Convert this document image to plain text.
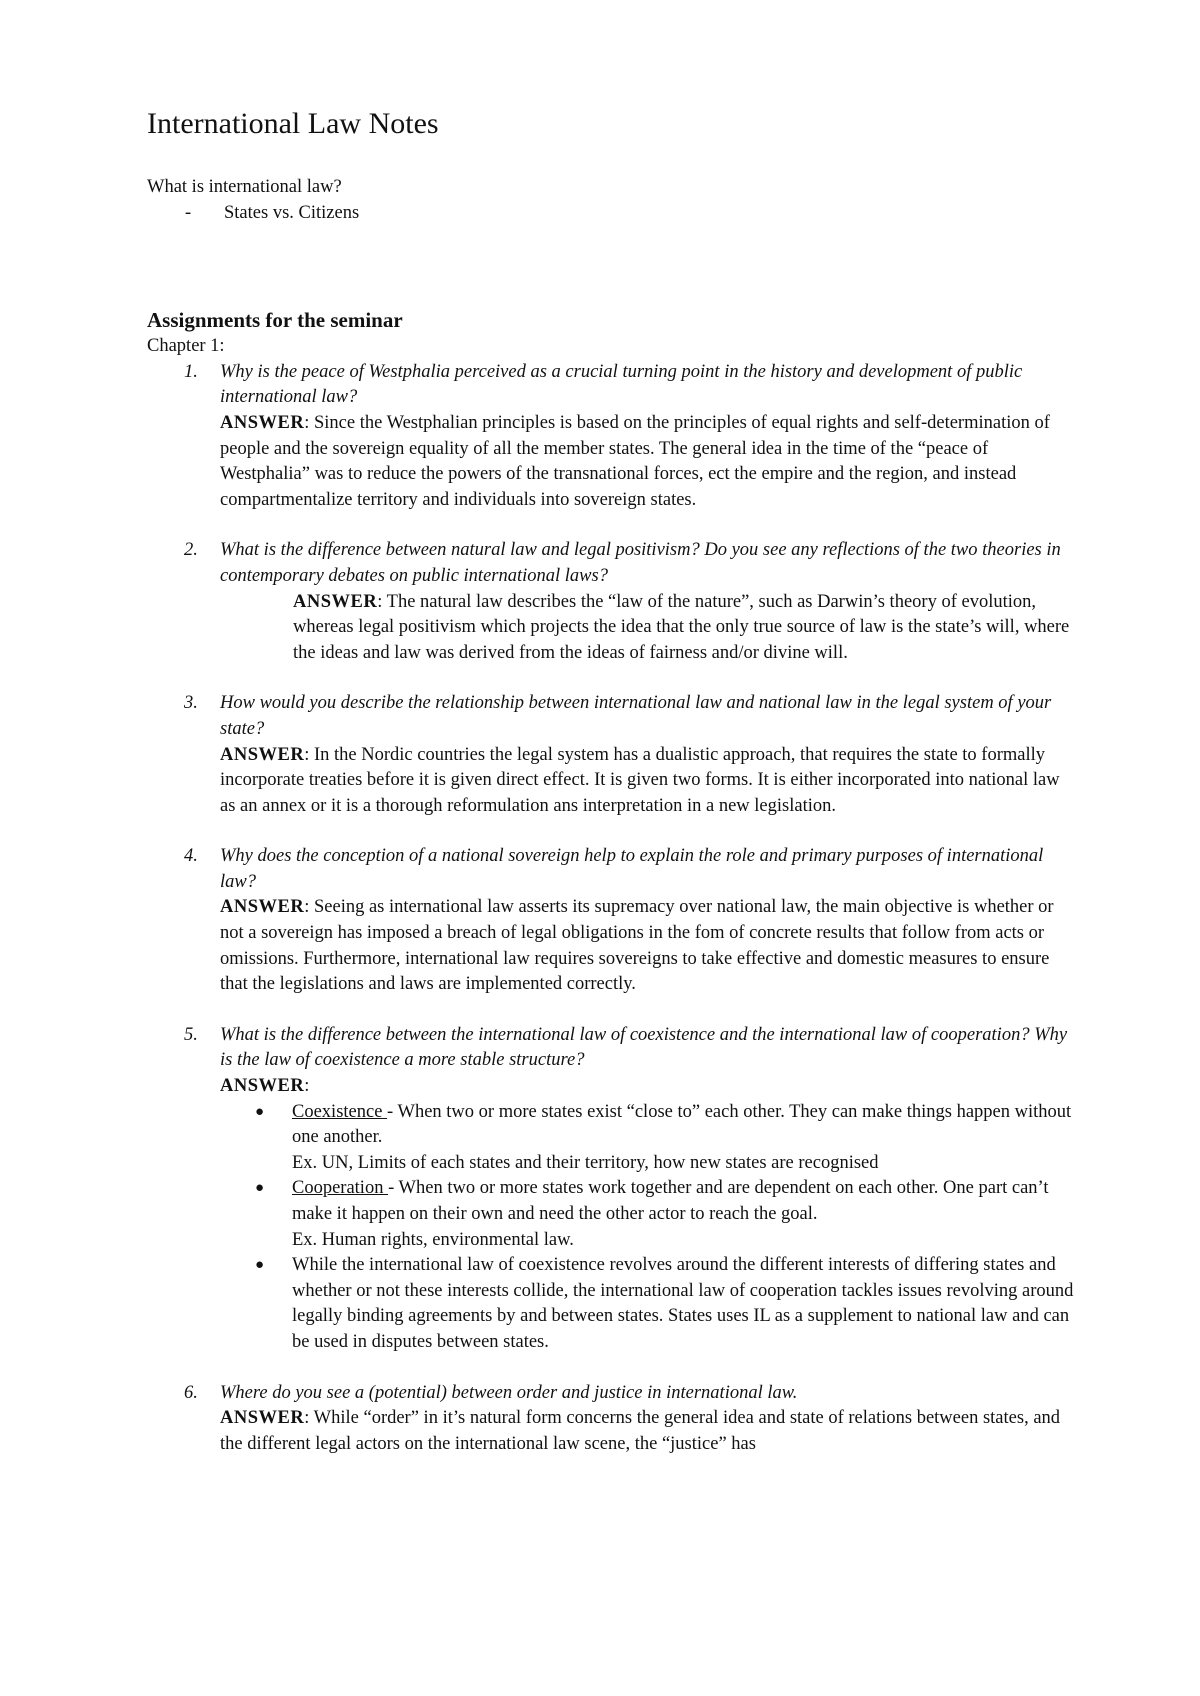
International Law Notes
What is international law?
-	States vs. Citizens
Assignments for the seminar
Chapter 1:
1.	Why is the peace of Westphalia perceived as a crucial turning point in the history and development of public international law?
ANSWER: Since the Westphalian principles is based on the principles of equal rights and self-determination of people and the sovereign equality of all the member states. The general idea in the time of the “peace of Westphalia” was to reduce the powers of the transnational forces, ect the empire and the region, and instead compartmentalize territory and individuals into sovereign states.
2.	What is the difference between natural law and legal positivism? Do you see any reflections of the two theories in contemporary debates on public international laws?
ANSWER: The natural law describes the “law of the nature”, such as Darwin’s theory of evolution, whereas legal positivism which projects the idea that the only true source of law is the state’s will, where the ideas and law was derived from the ideas of fairness and/or divine will.
3.	How would you describe the relationship between international law and national law in the legal system of your state?
ANSWER: In the Nordic countries the legal system has a dualistic approach, that requires the state to formally incorporate treaties before it is given direct effect. It is given two forms. It is either incorporated into national law as an annex or it is a thorough reformulation ans interpretation in a new legislation.
4.	Why does the conception of a national sovereign help to explain the role and primary purposes of international law?
ANSWER: Seeing as international law asserts its supremacy over national law, the main objective is whether or not a sovereign has imposed a breach of legal obligations in the fom of concrete results that follow from acts or omissions. Furthermore, international law requires sovereigns to take effective and domestic measures to ensure that the legislations and laws are implemented correctly.
5.	What is the difference between the international law of coexistence and the international law of cooperation? Why is the law of coexistence a more stable structure?
ANSWER:
●	Coexistence - When two or more states exist “close to” each other. They can make things happen without one another.
Ex. UN, Limits of each states and their territory, how new states are recognised
●	Cooperation - When two or more states work together and are dependent on each other. One part can’t make it happen on their own and need the other actor to reach the goal.
Ex. Human rights, environmental law.
●	While the international law of coexistence revolves around the different interests of differing states and whether or not these interests collide, the international law of cooperation tackles issues revolving around legally binding agreements by and between states. States uses IL as a supplement to national law and can be used in disputes between states.
6.	Where do you see a (potential) between order and justice in international law.
ANSWER: While “order” in it’s natural form concerns the general idea and state of relations between states, and the different legal actors on the international law scene, the “justice” has
